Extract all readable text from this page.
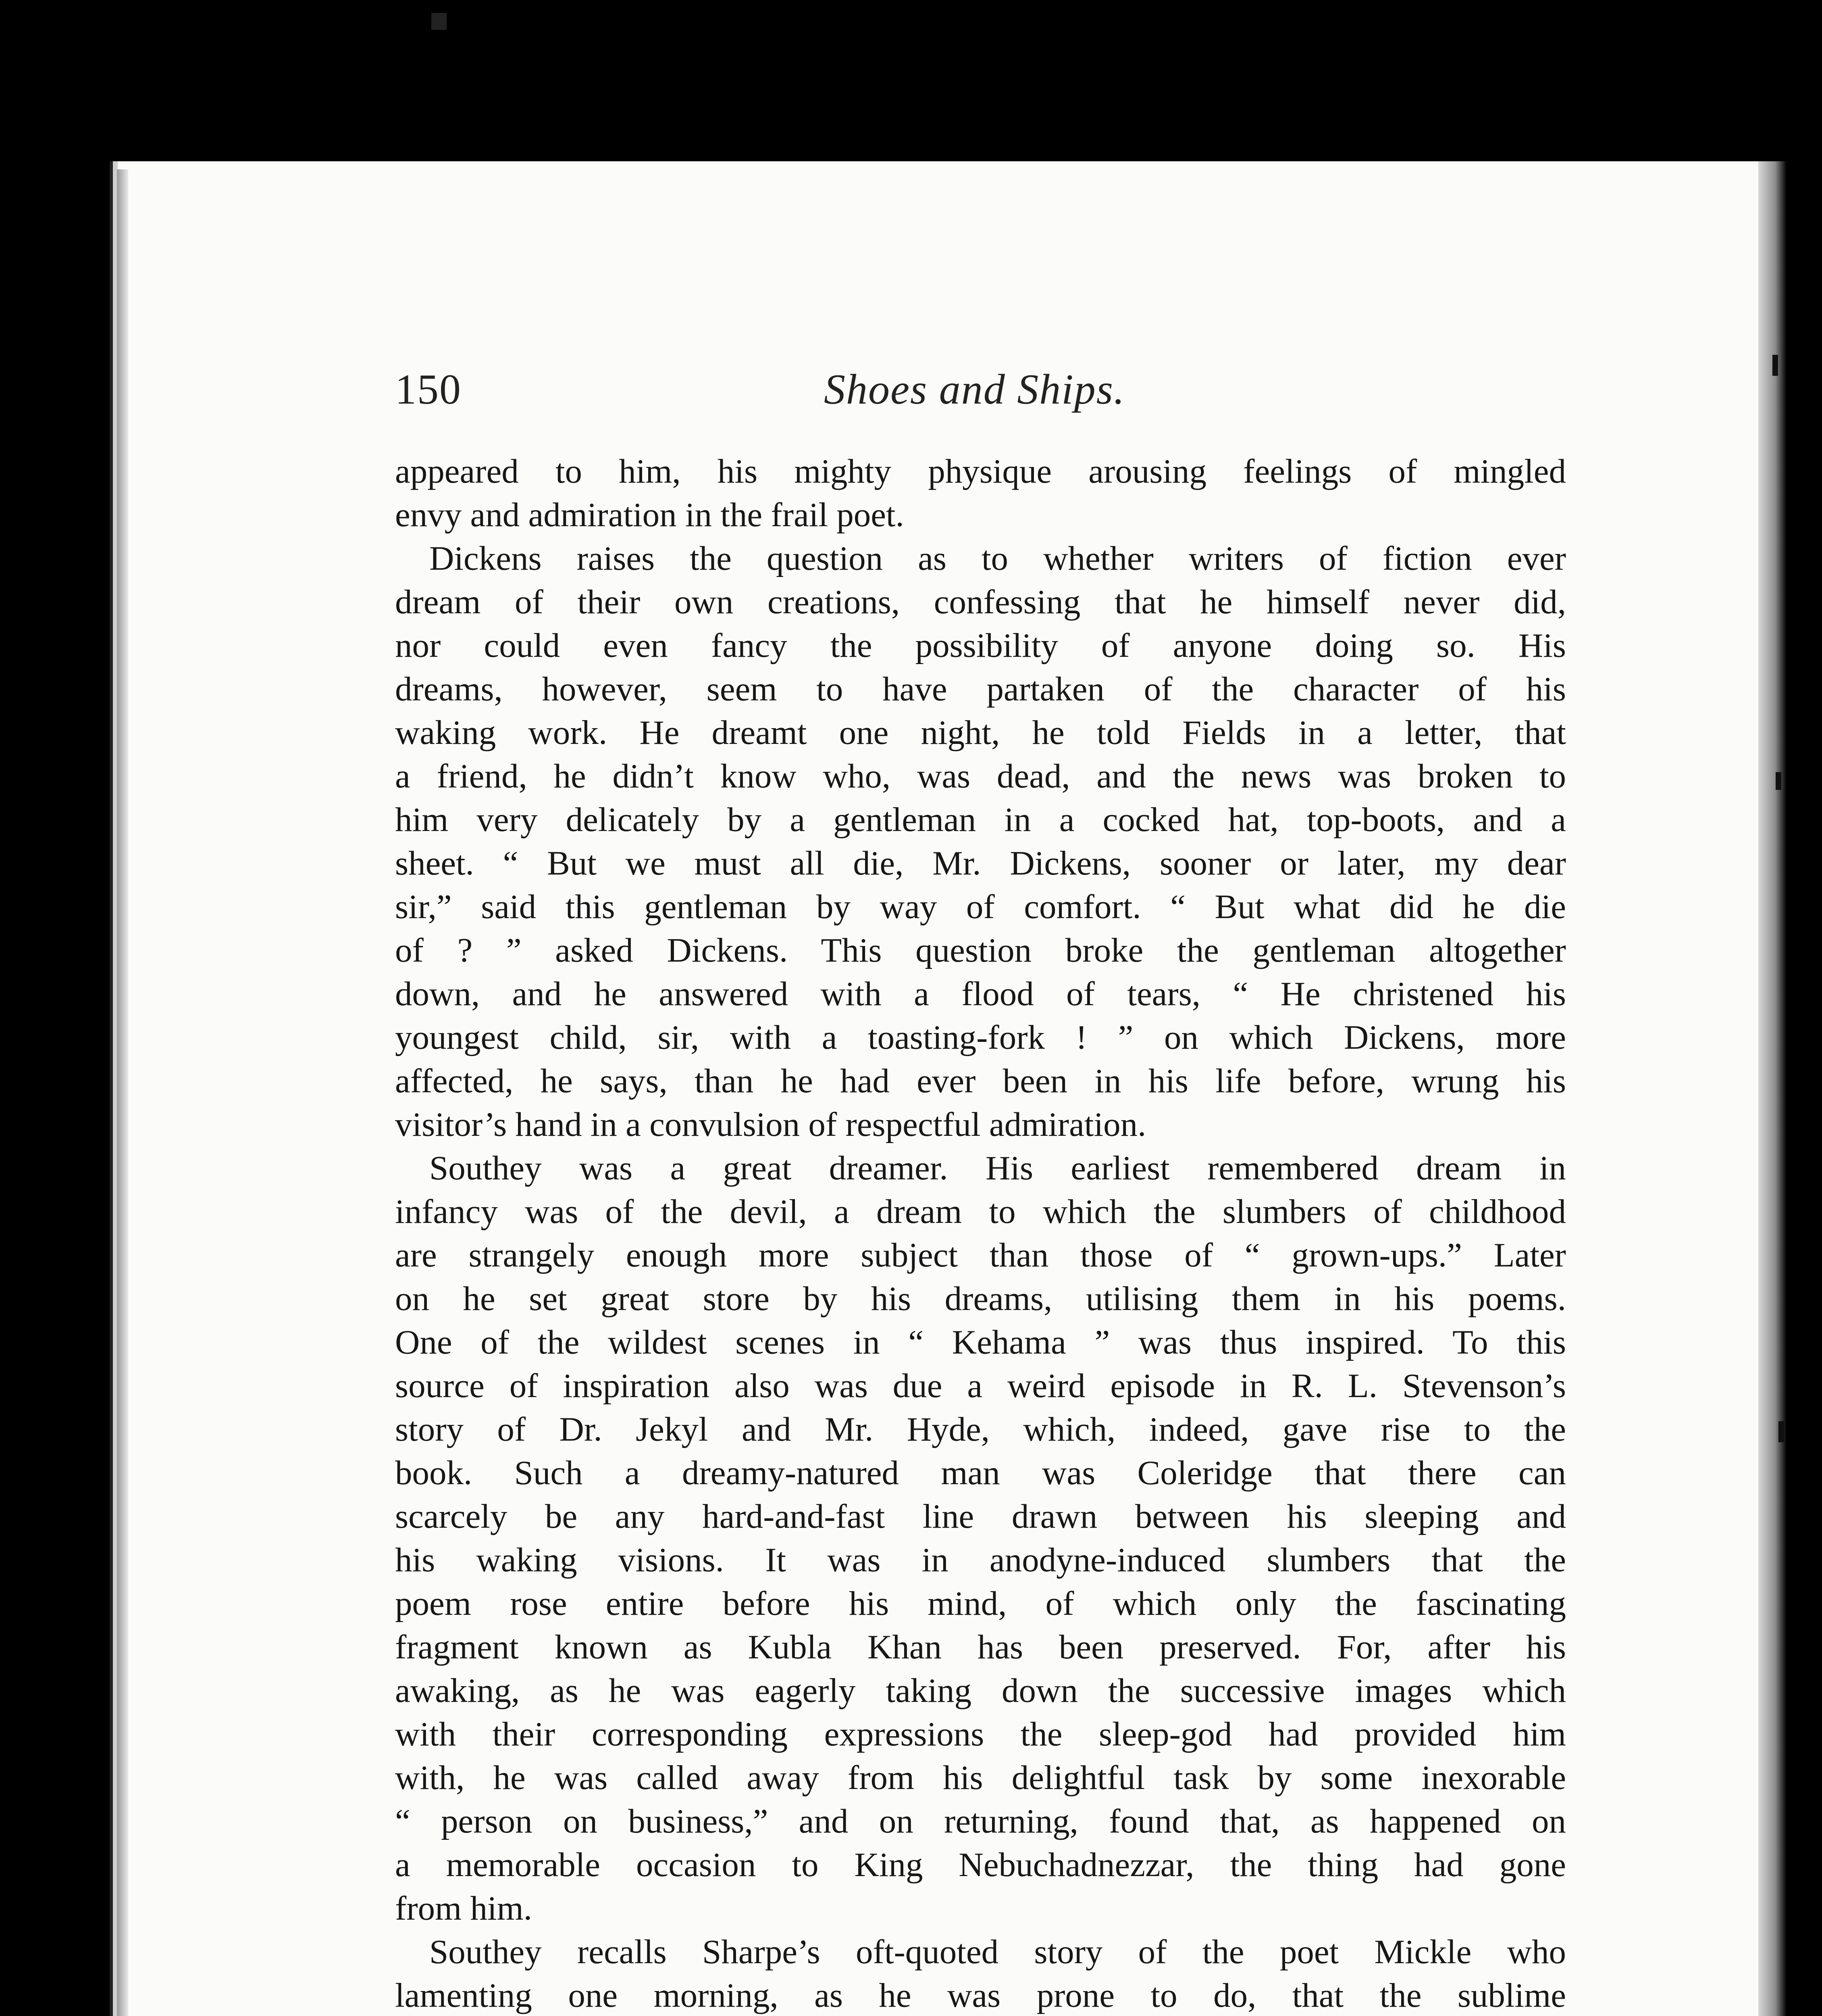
150	Shoes and Ships.
appeared to him, his mighty physique arousing feelings of mingled
envy and admiration in the frail poet.
Dickens raises the question as to whether writers of fiction ever
dream of their own creations, confessing that he himself never did,
nor could even fancy the possibility of anyone doing so. His
dreams, however, seem to have partaken of the character of his
waking work. He dreamt one night, he told Fields in a letter, that
a friend, he didn’t know who, was dead, and the news was broken to
him very delicately by a gentleman in a cocked hat, top-boots, and a
sheet. “ But we must all die, Mr. Dickens, sooner or later, my dear
sir,” said this gentleman by way of comfort. “ But what did he die
of ? ” asked Dickens. This question broke the gentleman altogether
down, and he answered with a flood of tears, “ He christened his
youngest child, sir, with a toasting-fork ! ” on which Dickens, more
affected, he says, than he had ever been in his life before, wrung his
visitor’s hand in a convulsion of respectful admiration.
Southey was a great dreamer. His earliest remembered dream in
infancy was of the devil, a dream to which the slumbers of childhood
are strangely enough more subject than those of “ grown-ups.” Later
on he set great store by his dreams, utilising them in his poems.
One of the wildest scenes in “ Kehama ” was thus inspired. To this
source of inspiration also was due a weird episode in R. L. Stevenson’s
story of Dr. Jekyl and Mr. Hyde, which, indeed, gave rise to the
book. Such a dreamy-natured man was Coleridge that there can
scarcely be any hard-and-fast line drawn between his sleeping and
his waking visions. It was in anodyne-induced slumbers that the
poem rose entire before his mind, of which only the fascinating
fragment known as Kubla Khan has been preserved. For, after his
awaking, as he was eagerly taking down the successive images which
with their corresponding expressions the sleep-god had provided him
with, he was called away from his delightful task by some inexorable
“ person on business,” and on returning, found that, as happened on
a memorable occasion to King Nebuchadnezzar, the thing had gone
from him.
Southey recalls Sharpe’s oft-quoted story of the poet Mickle who
lamenting one morning, as he was prone to do, that the sublime
